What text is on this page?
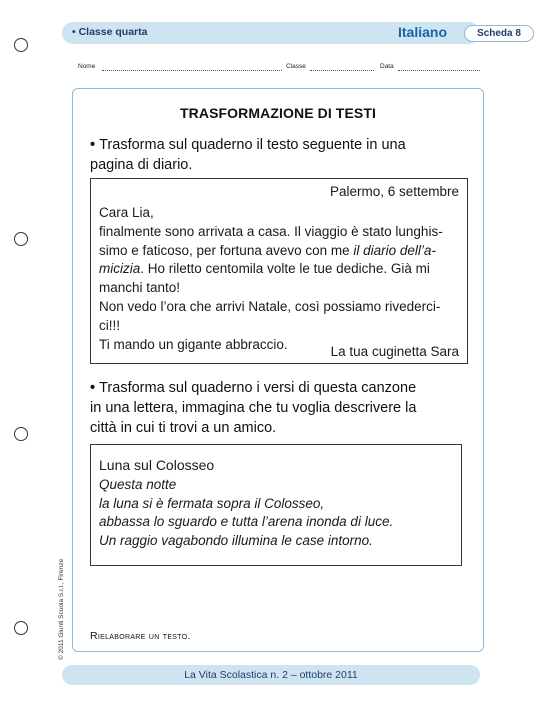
• Classe quarta	Italiano	Scheda 8
Nome	Classe	Data
TRASFORMAZIONE DI TESTI
• Trasforma sul quaderno il testo seguente in una
pagina di diario.
Palermo, 6 settembre
Cara Lia,
finalmente sono arrivata a casa. Il viaggio è stato lunghis-
simo e faticoso, per fortuna avevo con me il diario dell’a-
micizia. Ho riletto centomila volte le tue dediche. Già mi
manchi tanto!
Non vedo l’ora che arrivi Natale, così possiamo rivederci-
ci!!!
Ti mando un gigante abbraccio.	La tua cuginetta Sara
• Trasforma sul quaderno i versi di questa canzone
in una lettera, immagina che tu voglia descrivere la
città in cui ti trovi a un amico.
Luna sul Colosseo
Questa notte
la luna si è fermata sopra il Colosseo,
abbassa lo sguardo e tutta l’arena inonda di luce.
Un raggio vagabondo illumina le case intorno.
Rielaborare un testo.
© 2011 Giunti Scuola S.r.l., Firenze
La Vita Scolastica n. 2 – ottobre 2011
